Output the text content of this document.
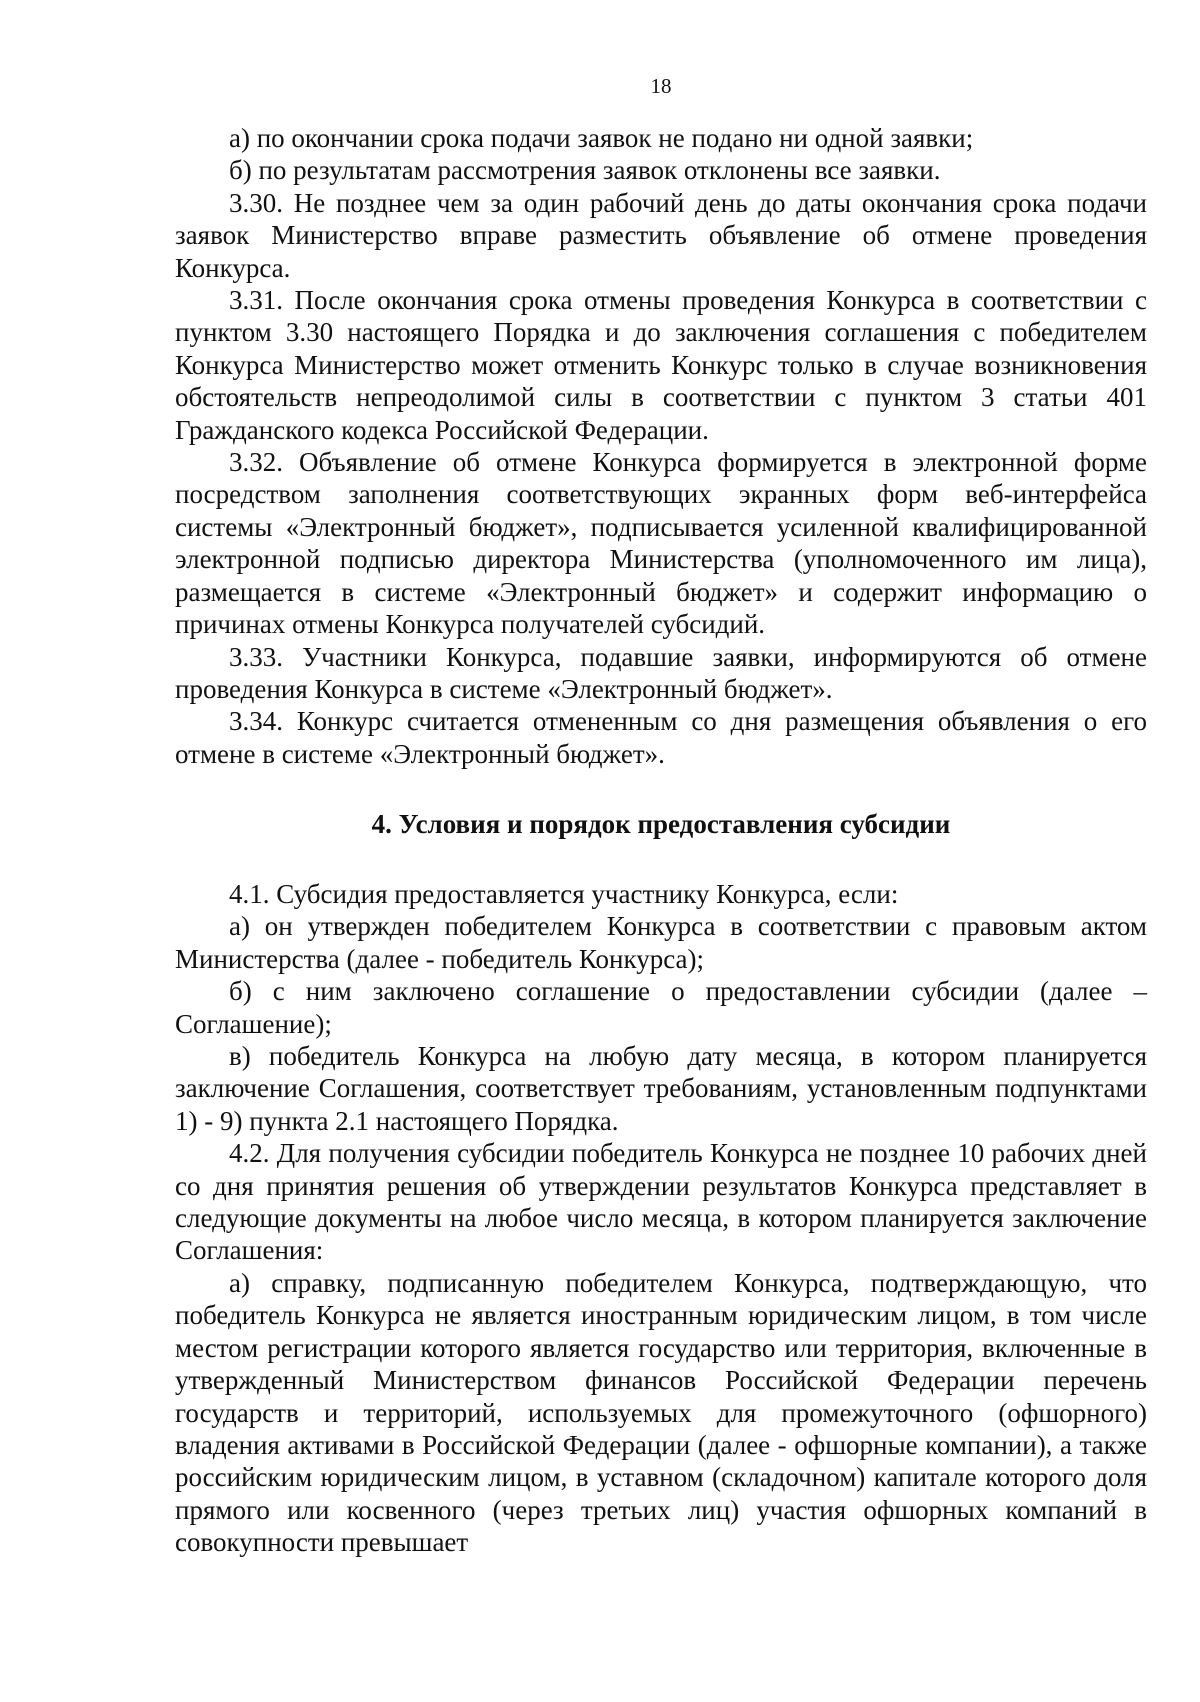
18

а) по окончании срока подачи заявок не подано ни одной заявки;

б) по результатам рассмотрения заявок отклонены все заявки.

3.30. Не позднее чем за один рабочий день до даты окончания срока подачи заявок Министерство вправе разместить объявление об отмене проведения Конкурса.

3.31. После окончания срока отмены проведения Конкурса в соответствии с пунктом 3.30 настоящего Порядка и до заключения соглашения с победителем Конкурса Министерство может отменить Конкурс только в случае возникновения обстоятельств непреодолимой силы в соответствии с пунктом 3 статьи 401 Гражданского кодекса Российской Федерации.

3.32. Объявление об отмене Конкурса формируется в электронной форме посредством заполнения соответствующих экранных форм веб-интерфейса системы «Электронный бюджет», подписывается усиленной квалифицированной электронной подписью директора Министерства (уполномоченного им лица), размещается в системе «Электронный бюджет» и содержит информацию о причинах отмены Конкурса получателей субсидий.

3.33. Участники Конкурса, подавшие заявки, информируются об отмене проведения Конкурса в системе «Электронный бюджет».

3.34. Конкурс считается отмененным со дня размещения объявления о его отмене в системе «Электронный бюджет».

4. Условия и порядок предоставления субсидии

4.1. Субсидия предоставляется участнику Конкурса, если:

а) он утвержден победителем Конкурса в соответствии с правовым актом Министерства (далее - победитель Конкурса);

б) с ним заключено соглашение о предоставлении субсидии (далее – Соглашение);

в) победитель Конкурса на любую дату месяца, в котором планируется заключение Соглашения, соответствует требованиям, установленным подпунктами 1) - 9) пункта 2.1 настоящего Порядка.

4.2. Для получения субсидии победитель Конкурса не позднее 10 рабочих дней со дня принятия решения об утверждении результатов Конкурса представляет в следующие документы на любое число месяца, в котором планируется заключение Соглашения:

а) справку, подписанную победителем Конкурса, подтверждающую, что победитель Конкурса не является иностранным юридическим лицом, в том числе местом регистрации которого является государство или территория, включенные в утвержденный Министерством финансов Российской Федерации перечень государств и территорий, используемых для промежуточного (офшорного) владения активами в Российской Федерации (далее - офшорные компании), а также российским юридическим лицом, в уставном (складочном) капитале которого доля прямого или косвенного (через третьих лиц) участия офшорных компаний в совокупности превышает
